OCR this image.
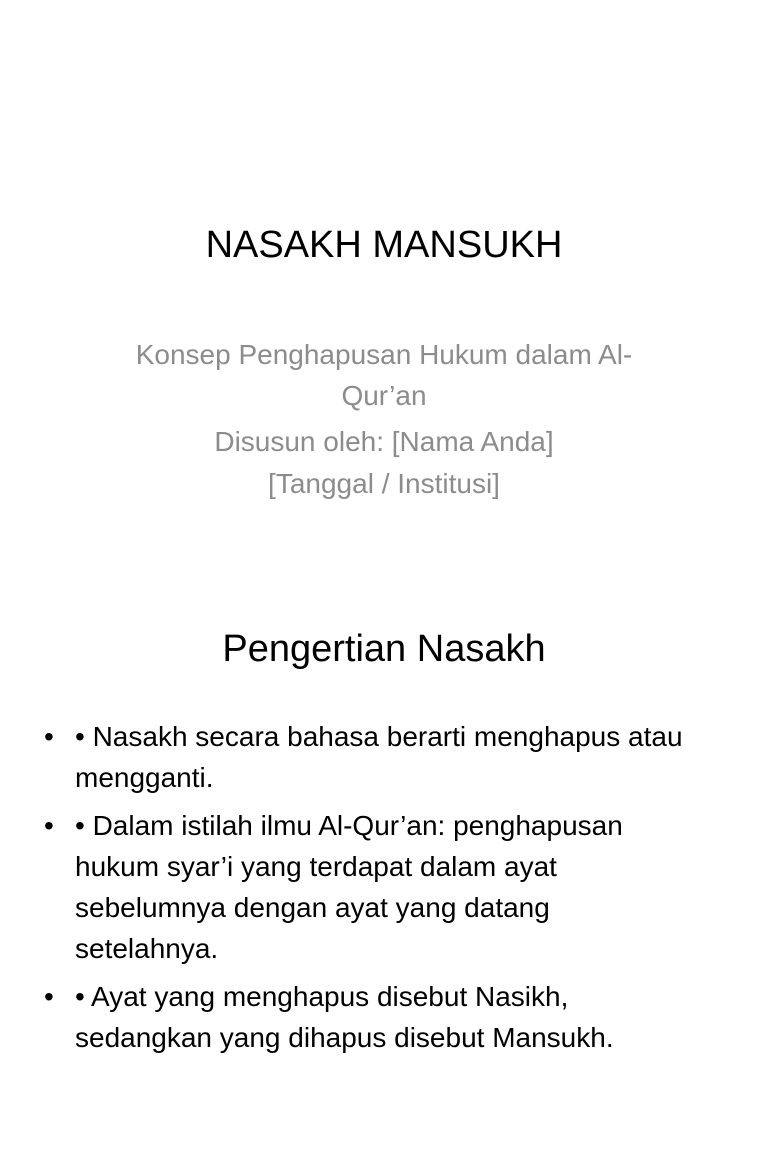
NASAKH MANSUKH
Konsep Penghapusan Hukum dalam Al-Qur’an
Disusun oleh: [Nama Anda]
[Tanggal / Institusi]
Pengertian Nasakh
• • Nasakh secara bahasa berarti menghapus atau mengganti.
• • Dalam istilah ilmu Al-Qur’an: penghapusan hukum syar’i yang terdapat dalam ayat sebelumnya dengan ayat yang datang setelahnya.
• • Ayat yang menghapus disebut Nasikh, sedangkan yang dihapus disebut Mansukh.
